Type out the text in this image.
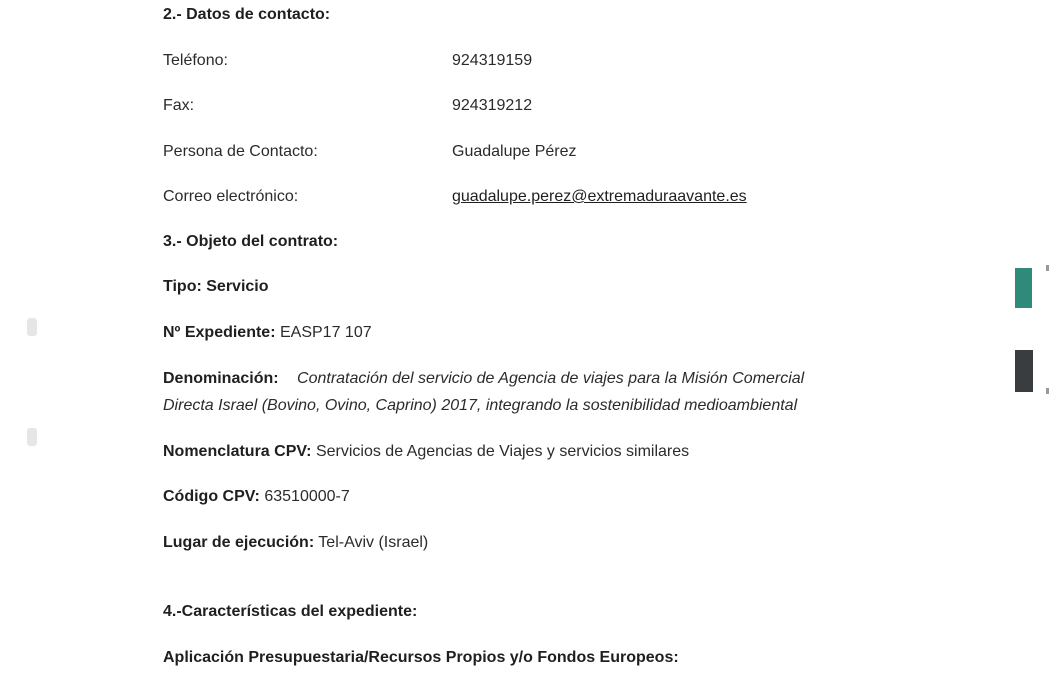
2.- Datos de contacto:
Teléfono:	924319159
Fax:	924319212
Persona de Contacto:	Guadalupe Pérez
Correo electrónico:	guadalupe.perez@extremaduraavante.es
3.- Objeto del contrato:
Tipo: Servicio
Nº Expediente: EASP17 107
Denominación: Contratación del servicio de Agencia de viajes para la Misión Comercial
Directa Israel (Bovino, Ovino, Caprino) 2017, integrando la sostenibilidad medioambiental
Nomenclatura CPV: Servicios de Agencias de Viajes y servicios similares
Código CPV: 63510000-7
Lugar de ejecución: Tel-Aviv (Israel)
4.-Características del expediente:
Aplicación Presupuestaria/Recursos Propios y/o Fondos Europeos:
